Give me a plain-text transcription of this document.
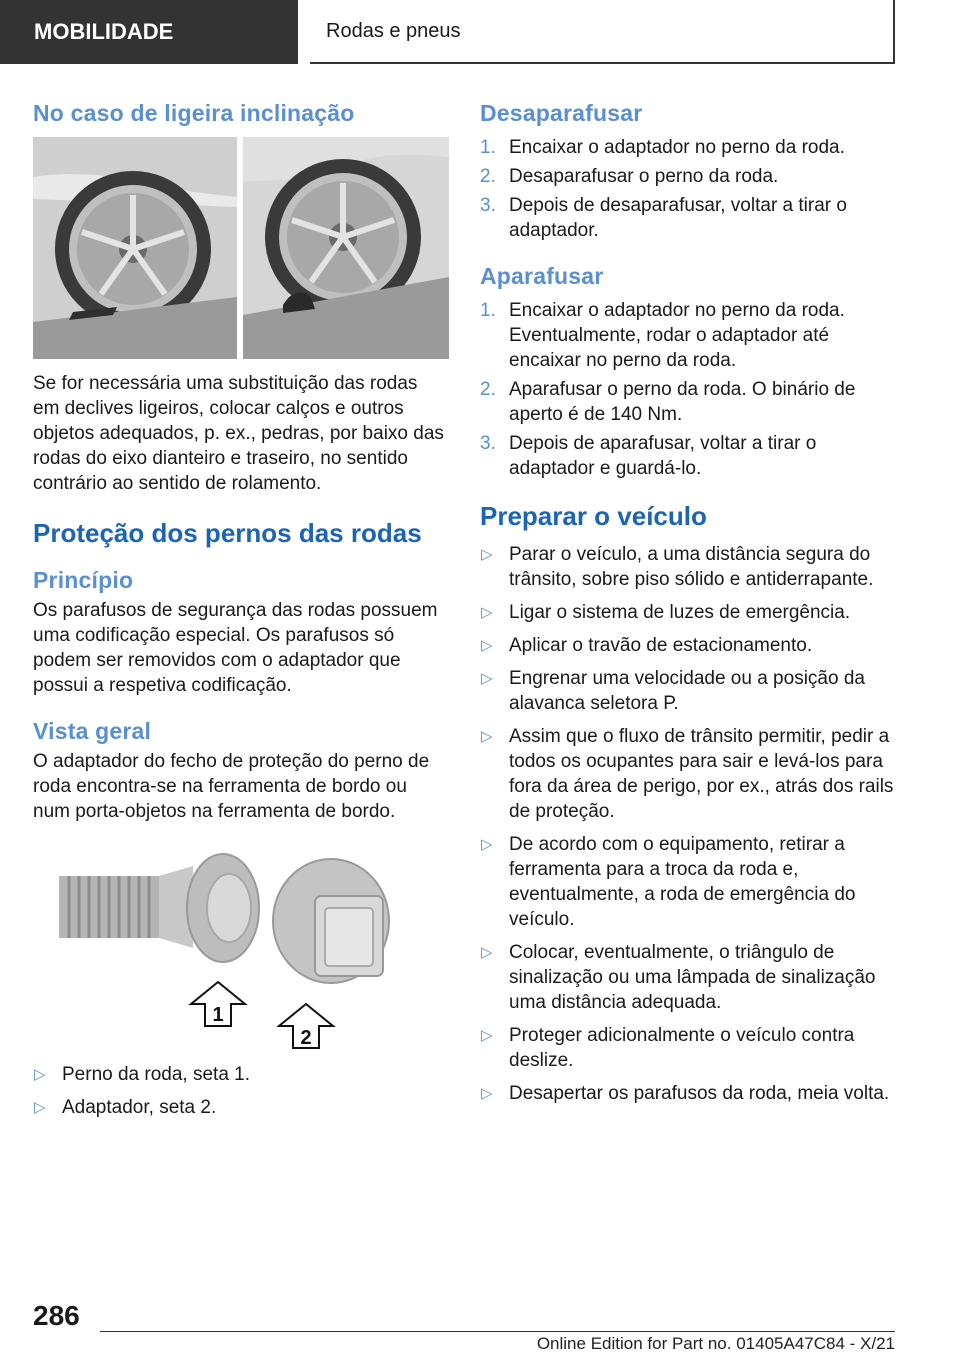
MOBILIDADE	Rodas e pneus
No caso de ligeira inclinação

Se for necessária uma substituição das rodas em declives ligeiros, colocar calços e outros objetos adequados, p. ex., pedras, por baixo das rodas do eixo dianteiro e traseiro, no sentido contrário ao sentido de rolamento.

Proteção dos pernos das rodas
Princípio

Os parafusos de segurança das rodas possuem uma codificação especial. Os parafusos só podem ser removidos com o adaptador que possui a respetiva codificação.

Vista geral

O adaptador do fecho de proteção do perno de roda encontra-se na ferramenta de bordo ou num porta-objetos na ferramenta de bordo.

1
2
▷ Perno da roda, seta 1.
▷ Adaptador, seta 2.
Desaparafusar
1. Encaixar o adaptador no perno da roda.
2. Desaparafusar o perno da roda.
3. Depois de desaparafusar, voltar a tirar o adaptador.
Aparafusar
1. Encaixar o adaptador no perno da roda. Eventualmente, rodar o adaptador até encaixar no perno da roda.
2. Aparafusar o perno da roda. O binário de aperto é de 140 Nm.
3. Depois de aparafusar, voltar a tirar o adaptador e guardá-lo.
Preparar o veículo
▷ Parar o veículo, a uma distância segura do trânsito, sobre piso sólido e antiderrapante.
▷ Ligar o sistema de luzes de emergência.
▷ Aplicar o travão de estacionamento.
▷ Engrenar uma velocidade ou a posição da alavanca seletora P.
▷ Assim que o fluxo de trânsito permitir, pedir a todos os ocupantes para sair e levá-los para fora da área de perigo, por ex., atrás dos rails de proteção.
▷ De acordo com o equipamento, retirar a ferramenta para a troca da roda e, eventualmente, a roda de emergência do veículo.
▷ Colocar, eventualmente, o triângulo de sinalização ou uma lâmpada de sinalização uma distância adequada.
▷ Proteger adicionalmente o veículo contra deslize.
▷ Desapertar os parafusos da roda, meia volta.
286
Online Edition for Part no. 01405A47C84 - X/21
